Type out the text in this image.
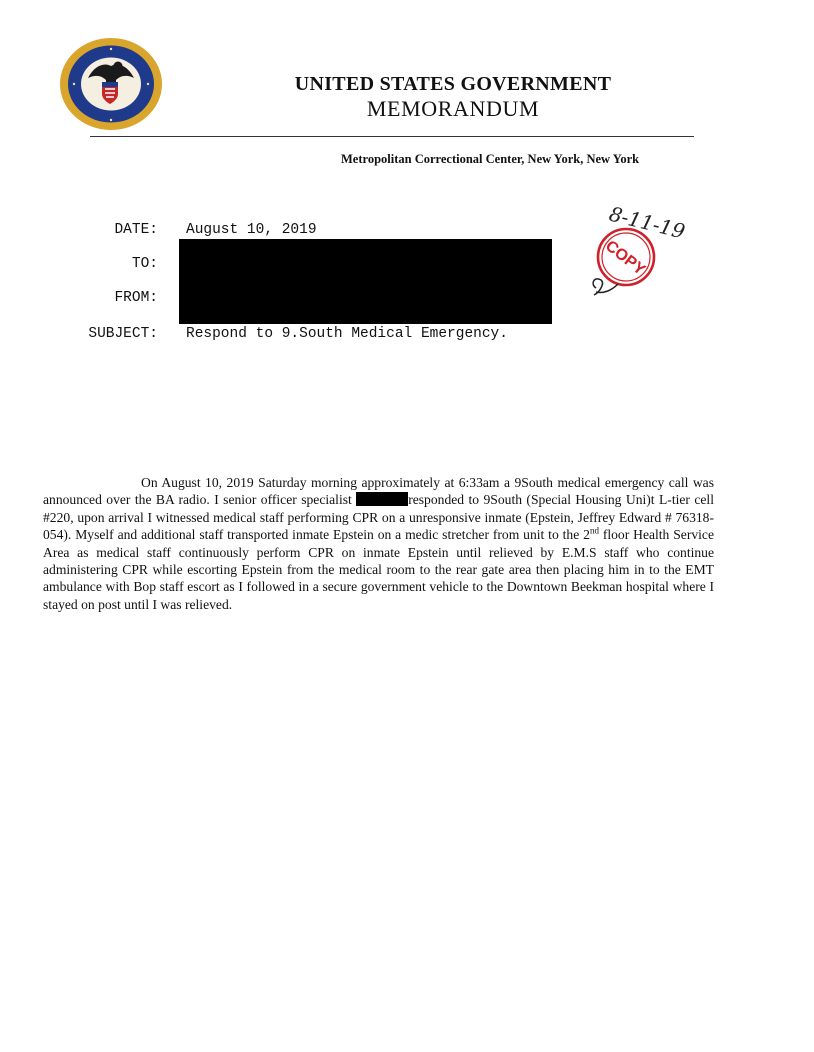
UNITED STATES GOVERNMENT
MEMORANDUM
Metropolitan Correctional Center, New York, New York
DATE: August 10, 2019
TO:
FROM:
SUBJECT: Respond to 9.South Medical Emergency.
COPY
8-11-19
On August 10, 2019 Saturday morning approximately at 6:33am a 9South medical emergency call was announced over the BA radio. I senior officer specialist	responded to 9South (Special Housing Uni)t L-tier cell #220, upon arrival I witnessed medical staff performing CPR on a unresponsive inmate (Epstein, Jeffrey Edward # 76318-054). Myself and additional staff transported inmate Epstein on a medic stretcher from unit to the 2nd floor Health Service Area as medical staff continuously perform CPR on inmate Epstein until relieved by E.M.S staff who continue administering CPR while escorting Epstein from the medical room to the rear gate area then placing him in to the EMT ambulance with Bop staff escort as I followed in a secure government vehicle to the Downtown Beekman hospital where I stayed on post until I was relieved.
